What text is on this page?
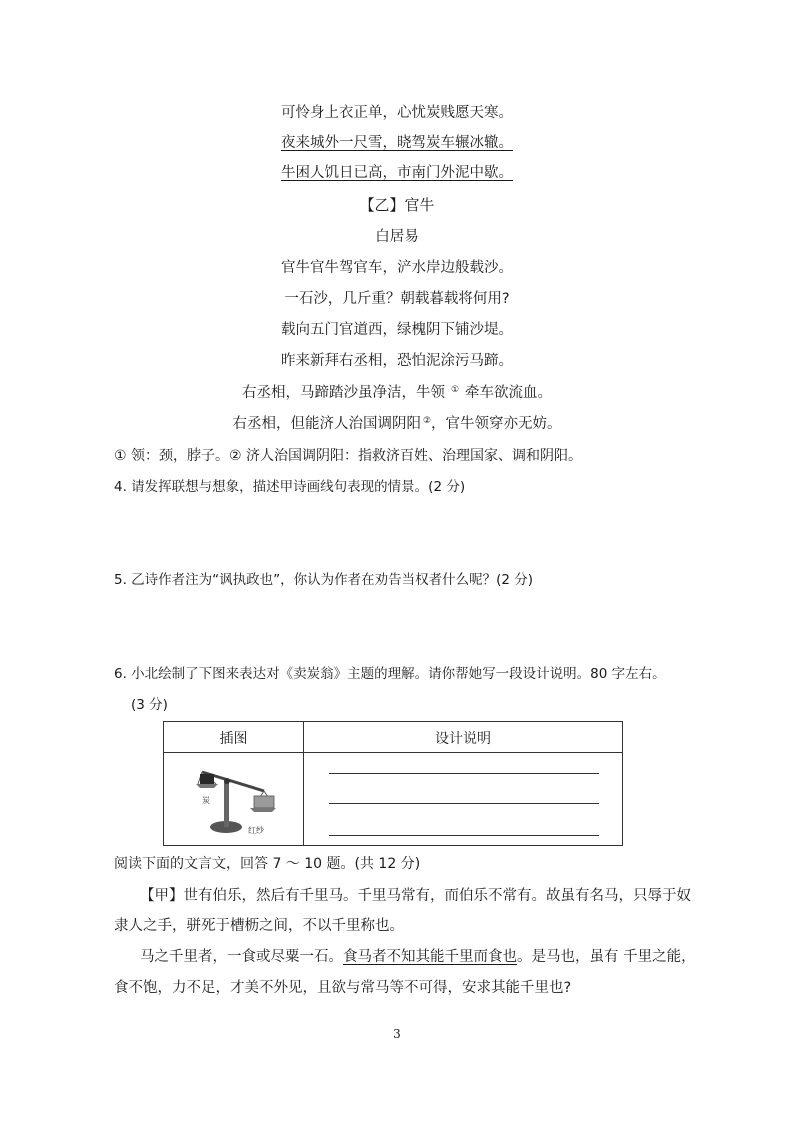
可怜身上衣正单，心忧炭贱愿天寒。
夜来城外一尺雪，晓驾炭车辗冰辙。
牛困人饥日已高，市南门外泥中歇。
【乙】官牛
白居易
官牛官牛驾官车，浐水岸边般载沙。
一石沙，几斤重？朝载暮载将何用?
载向五门官道西，绿槐阴下铺沙堤。
昨来新拜右丞相，恐怕泥涂污马蹄。
右丞相，马蹄踏沙虽净洁，牛领 ① 牵车欲流血。
右丞相，但能济人治国调阴阳 ②，官牛领穿亦无妨。
① 领：颈，脖子。② 济人治国调阴阳：指救济百姓、治理国家、调和阴阳。
4. 请发挥联想与想象，描述甲诗画线句表现的情景。(2 分)
5. 乙诗作者注为“讽执政也”，你认为作者在劝告当权者什么呢？(2 分)
6. 小北绘制了下图来表达对《卖炭翁》主题的理解。请你帮她写一段设计说明。80 字左右。
(3 分)
插图	设计说明
炭
红纱
阅读下面的文言文，回答 7 ～ 10 题。(共 12 分)
【甲】世有伯乐，然后有千里马。千里马常有，而伯乐不常有。故虽有名马，只辱于奴
隶人之手，骈死于槽枥之间，不以千里称也。
马之千里者，一食或尽粟一石。食马者不知其能千里而食也。是马也，虽有 千里之能，
食不饱，力不足，才美不外见，且欲与常马等不可得，安求其能千里也?
3
